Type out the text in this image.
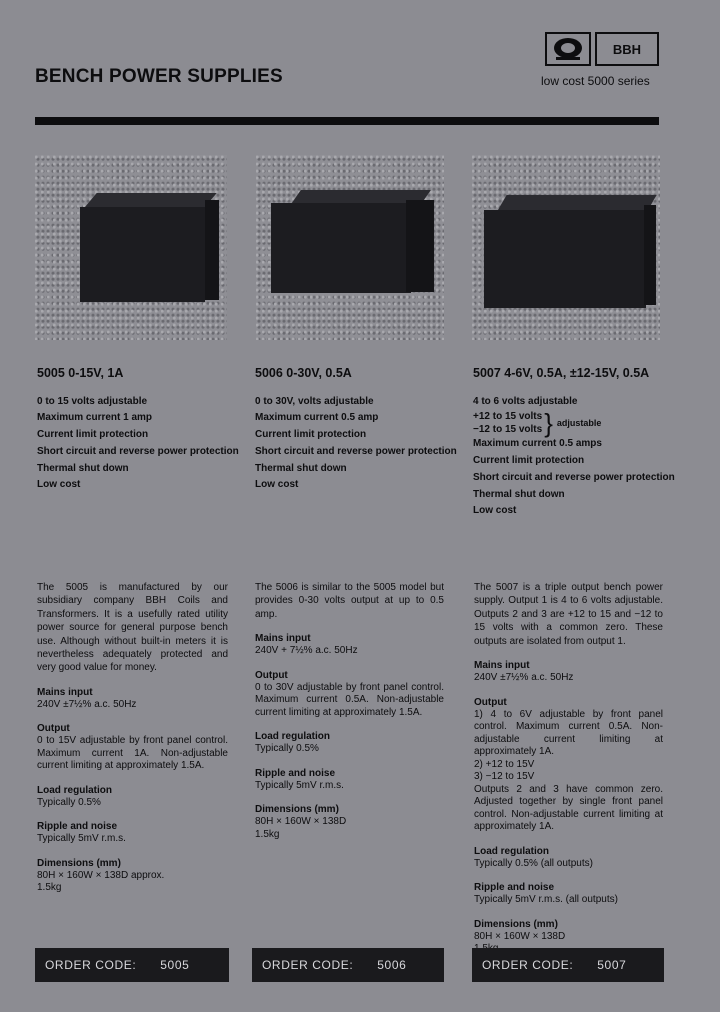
BENCH POWER SUPPLIES
BBH
low cost 5000 series
5005 0-15V, 1A
0 to 15 volts adjustable
Maximum current 1 amp
Current limit protection
Short circuit and reverse power protection
Thermal shut down
Low cost

The 5005 is manufactured by our subsidiary company BBH Coils and Transformers. It is a usefully rated utility power source for general purpose bench use. Although without built-in meters it is nevertheless adequately protected and very good value for money.

Mains input
240V ±7½% a.c. 50Hz
Output
0 to 15V adjustable by front panel control. Maximum current 1A. Non-adjustable current limiting at approximately 1.5A.
Load regulation
Typically 0.5%
Ripple and noise
Typically 5mV r.m.s.
Dimensions (mm)
80H × 160W × 138D approx.
1.5kg
ORDER CODE: 5005
5006 0-30V, 0.5A
0 to 30V, volts adjustable
Maximum current 0.5 amp
Current limit protection
Short circuit and reverse power protection
Thermal shut down
Low cost

The 5006 is similar to the 5005 model but provides 0-30 volts output at up to 0.5 amp.

Mains input
240V + 7½% a.c. 50Hz
Output
0 to 30V adjustable by front panel control. Maximum current 0.5A. Non-adjustable current limiting at approximately 1.5A.
Load regulation
Typically 0.5%
Ripple and noise
Typically 5mV r.m.s.
Dimensions (mm)
80H × 160W × 138D
1.5kg
ORDER CODE: 5006
5007 4-6V, 0.5A, ±12-15V, 0.5A
4 to 6 volts adjustable
+12 to 15 volts
−12 to 15 volts } adjustable
Maximum current 0.5 amps
Current limit protection
Short circuit and reverse power protection
Thermal shut down
Low cost

The 5007 is a triple output bench power supply. Output 1 is 4 to 6 volts adjustable. Outputs 2 and 3 are +12 to 15 and −12 to 15 volts with a common zero. These outputs are isolated from output 1.

Mains input
240V ±7½% a.c. 50Hz
Output
1) 4 to 6V adjustable by front panel control. Maximum current 0.5A. Non-adjustable current limiting at approximately 1A.
2) +12 to 15V
3) −12 to 15V
Outputs 2 and 3 have common zero. Adjusted together by single front panel control. Non-adjustable current limiting at approximately 1A.
Load regulation
Typically 0.5% (all outputs)
Ripple and noise
Typically 5mV r.m.s. (all outputs)
Dimensions (mm)
80H × 160W × 138D
ORDER CODE: 5007
